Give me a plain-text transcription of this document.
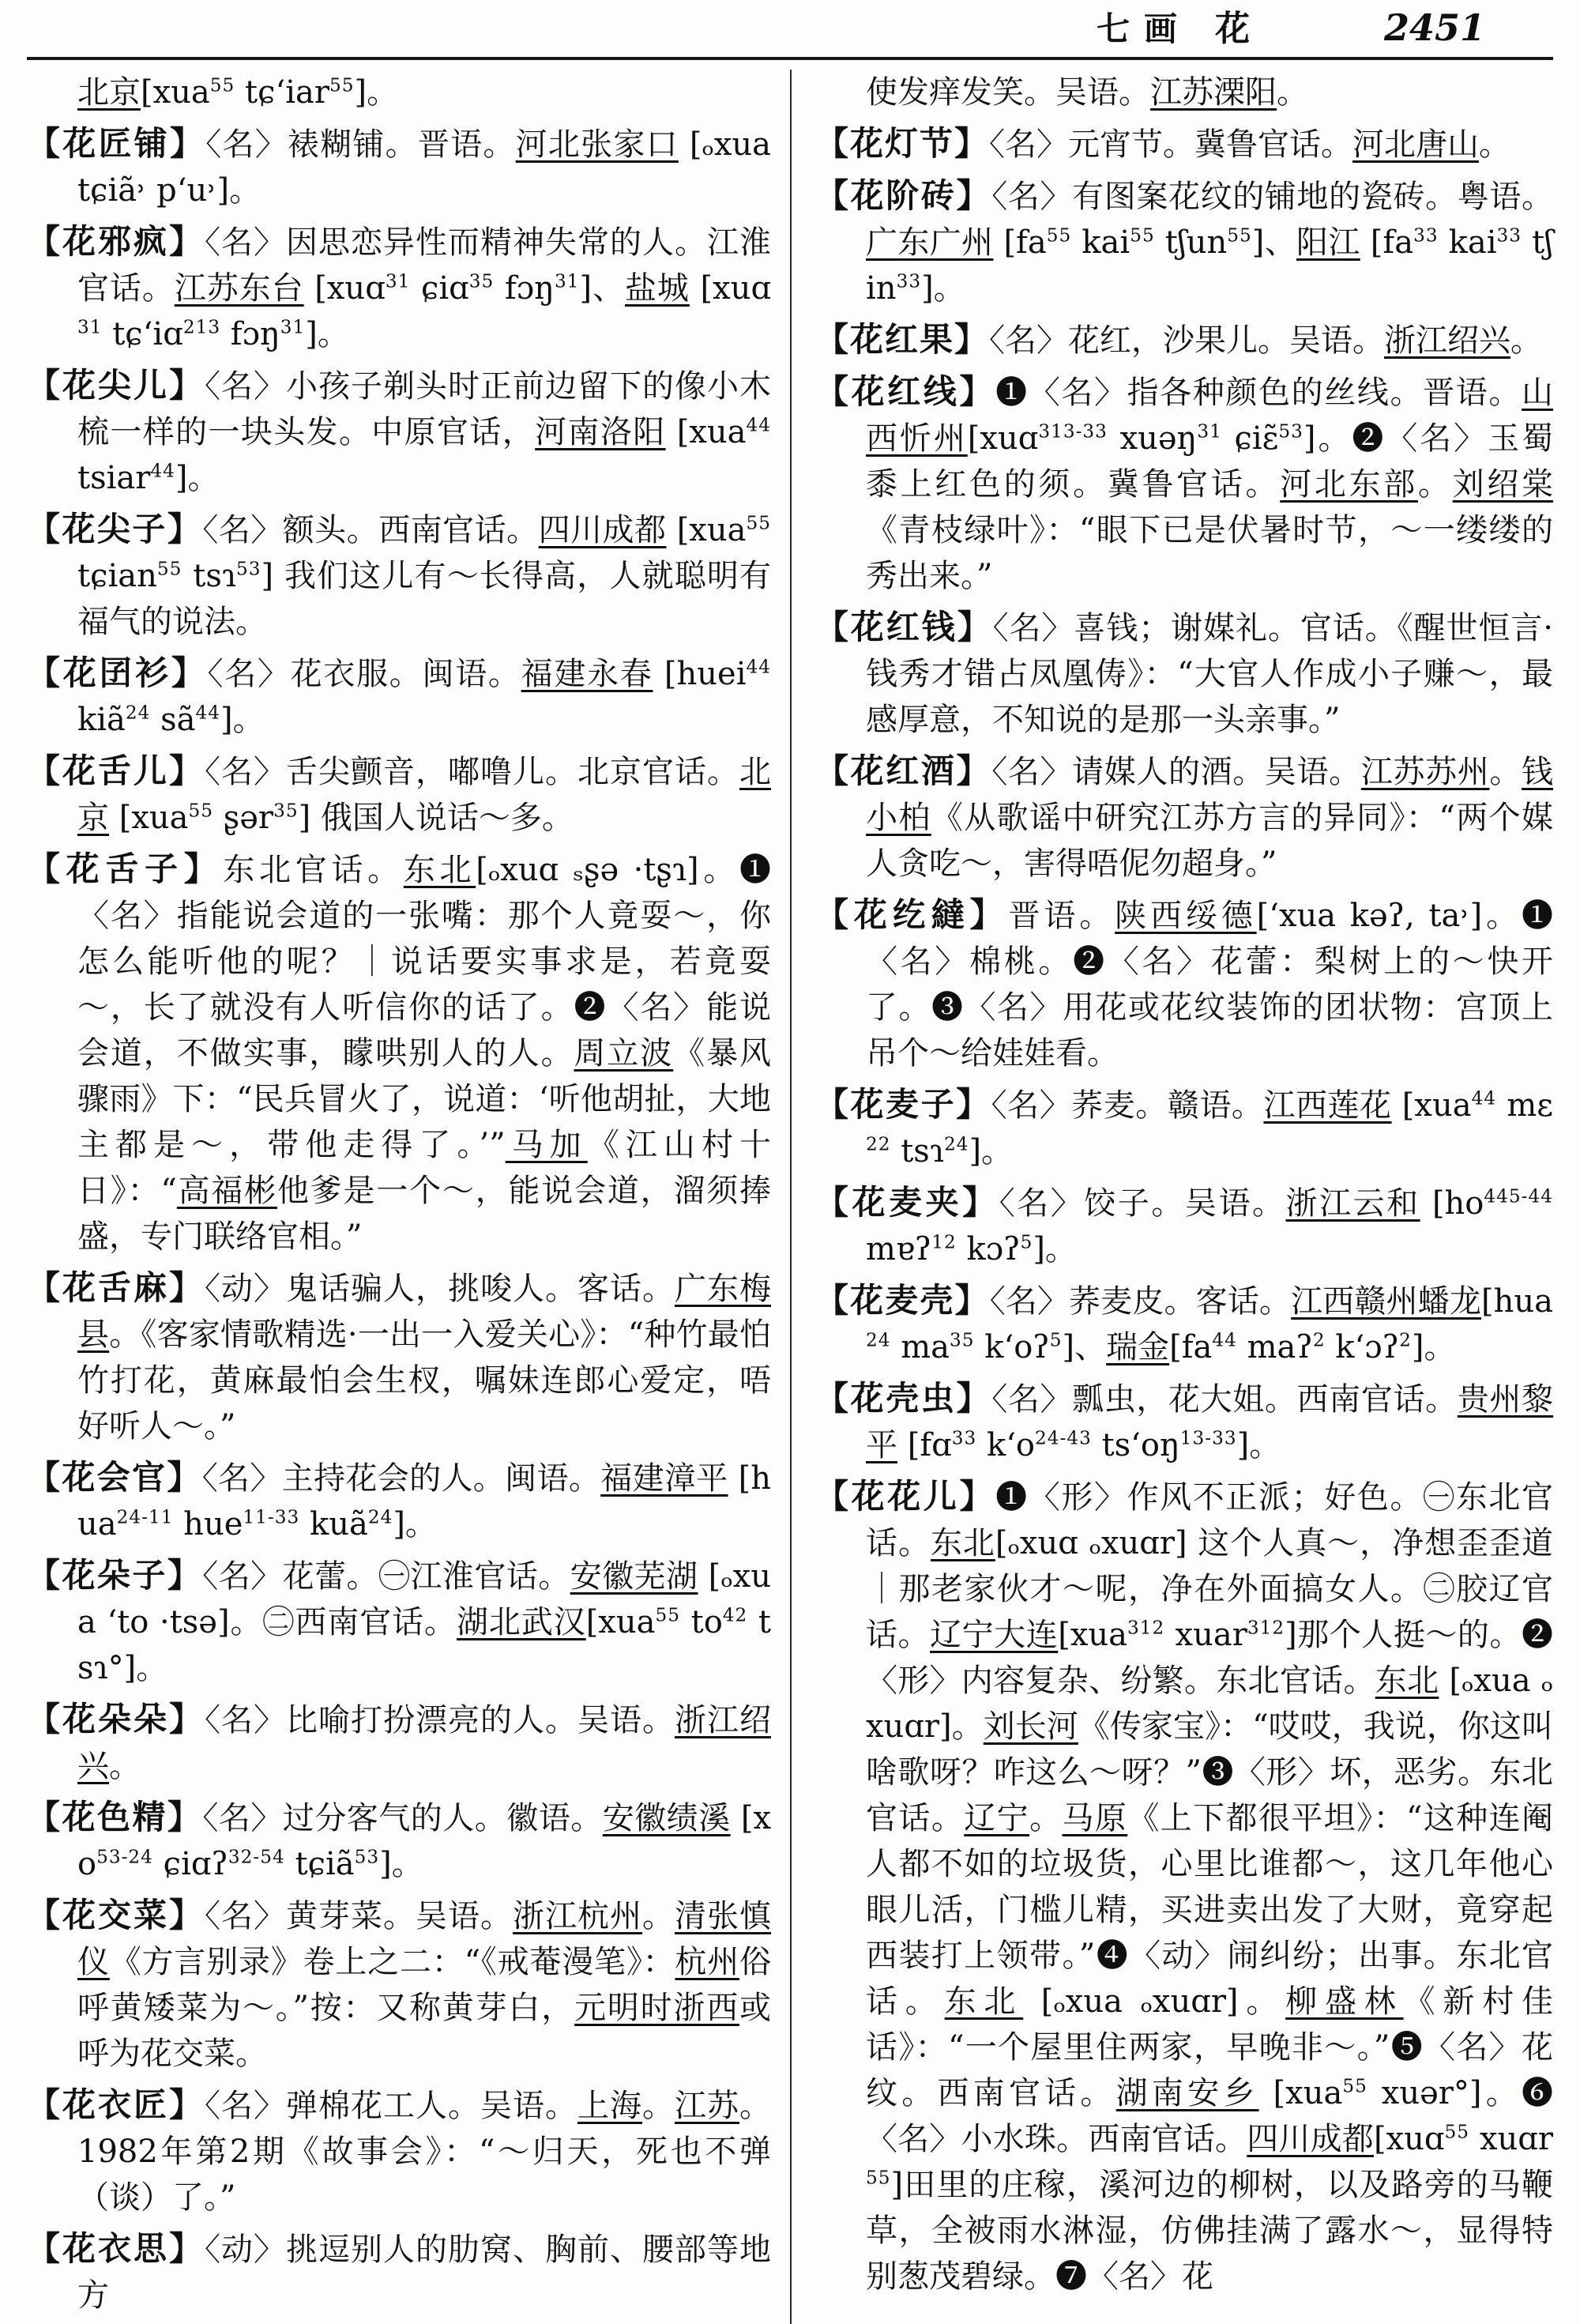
七画 花	2451
北京[xua$^{55}$ tɕʻiar$^{55}$]。
【花匠铺】〈名〉裱糊铺。晋语。河北张家口 [ₒxua tɕiã˒ pʻu˒]。
【花邪疯】〈名〉因思恋异性而精神失常的人。江淮官话。江苏东台 [xuɑ$^{31}$ ɕiɑ$^{35}$ fɔŋ$^{31}$]、盐城 [xuɑ$^{31}$ tɕʻiɑ$^{213}$ fɔŋ$^{31}$]。
【花尖儿】〈名〉小孩子剃头时正前边留下的像小木梳一样的一块头发。中原官话，河南洛阳 [xua$^{44}$ tsiar$^{44}$]。
【花尖子】〈名〉额头。西南官话。四川成都 [xua$^{55}$ tɕian$^{55}$ tsɿ$^{53}$] 我们这儿有～长得高，人就聪明有福气的说法。
【花囝衫】〈名〉花衣服。闽语。福建永春 [huei$^{44}$ kiã$^{24}$ $sã^{44}$]。
【花舌儿】〈名〉舌尖颤音，嘟噜儿。北京官话。北京 [xua$^{55}$ ʂər$^{35}$] 俄国人说话～多。
【花舌子】东北官话。东北[ₒxuɑ ₛʂə ·tʂɿ]。❶〈名〉指能说会道的一张嘴：那个人竟耍～，你怎么能听他的呢？｜说话要实事求是，若竟耍～，长了就没有人听信你的话了。❷〈名〉能说会道，不做实事，矇哄别人的人。周立波《暴风骤雨》下：“民兵冒火了，说道：‘听他胡扯，大地主都是～，带他走得了。’”马加《江山村十日》：“高福彬他爹是一个～，能说会道，溜须捧盛，专门联络官相。”
【花舌麻】〈动〉鬼话骗人，挑唆人。客话。广东梅县。《客家情歌精选·一出一入爱关心》：“种竹最怕竹打花，黄麻最怕会生杈，嘱妹连郎心爱定，唔好听人～。”
【花会官】〈名〉主持花会的人。闽语。福建漳平 [hua$^{24-11}$ hue$^{11-33}$ kuã$^{24}$]。
【花朵子】〈名〉花蕾。㊀江淮官话。安徽芜湖 [ₒxua ʻto ·tsə]。㊁西南官话。湖北武汉[xua$^{55}$ $to^{42}$ tsɿ°]。
【花朵朵】〈名〉比喻打扮漂亮的人。吴语。浙江绍兴。
【花色精】〈名〉过分客气的人。徽语。安徽绩溪 [$xo^{53-24}$ ɕiɑʔ$^{32-54}$ tɕiã$^{53}$]。
【花交菜】〈名〉黄芽菜。吴语。浙江杭州。清张慎仪《方言别录》卷上之二：“《戒菴漫笔》：杭州俗呼黄矮菜为～。”按：又称黄芽白，元明时浙西或呼为花交菜。
【花衣匠】〈名〉弹棉花工人。吴语。上海。江苏。1982年第2期《故事会》：“～归天，死也不弹（谈）了。”
【花衣思】〈动〉挑逗别人的肋窝、胸前、腰部等地方
使发痒发笑。吴语。江苏溧阳。
【花灯节】〈名〉元宵节。冀鲁官话。河北唐山。
【花阶砖】〈名〉有图案花纹的铺地的瓷砖。粤语。广东广州 [$fa^{55}$ kai$^{55}$ tʃun$^{55}$]、阳江 [$fa^{33}$ kai$^{33}$ tʃin$^{33}$]。
【花红果】〈名〉花红，沙果儿。吴语。浙江绍兴。
【花红线】❶〈名〉指各种颜色的丝线。晋语。山西忻州[xuɑ$^{313-33}$ xuəŋ$^{31}$ ɕiɛ̃$^{53}$]。❷〈名〉玉蜀黍上红色的须。冀鲁官话。河北东部。刘绍棠《青枝绿叶》：“眼下已是伏暑时节，～一缕缕的秀出来。”
【花红钱】〈名〉喜钱；谢媒礼。官话。《醒世恒言·钱秀才错占凤凰俦》：“大官人作成小子赚～，最感厚意，不知说的是那一头亲事。”
【花红酒】〈名〉请媒人的酒。吴语。江苏苏州。钱小柏《从歌谣中研究江苏方言的异同》：“两个媒人贪吃～，害得唔伲勿超身。”
【花纥繨】晋语。陕西绥德[ʻxua kəʔ, ta˒]。❶〈名〉棉桃。❷〈名〉花蕾：梨树上的～快开了。❸〈名〉用花或花纹装饰的团状物：宫顶上吊个～给娃娃看。
【花麦子】〈名〉荞麦。赣语。江西莲花 [xua$^{44}$ mɛ$^{22}$ tsɿ$^{24}$]。
【花麦夹】〈名〉饺子。吴语。浙江云和 [$ho^{445-44}$ mɐʔ$^{12}$ kɔʔ$^5$]。
【花麦壳】〈名〉荞麦皮。客话。江西赣州蟠龙[hua$^{24}$ $ma^{35}$ kʻoʔ$^5$]、瑞金[$fa^{44}$ maʔ$^2$ kʻɔʔ$^2$]。
【花壳虫】〈名〉瓢虫，花大姐。西南官话。贵州黎平 [fɑ$^{33}$ kʻo$^{24-43}$ tsʻoŋ$^{13-33}$]。
【花花儿】❶〈形〉作风不正派；好色。㊀东北官话。东北[ₒxuɑ ₒxuɑr] 这个人真～，净想歪歪道｜那老家伙才～呢，净在外面搞女人。㊁胶辽官话。辽宁大连[xua$^{312}$ xuar$^{312}$]那个人挺～的。❷〈形〉内容复杂、纷繁。东北官话。东北 [ₒxua ₒxuɑr]。刘长河《传家宝》：“哎哎，我说，你这叫啥歌呀？咋这么～呀？”❸〈形〉坏，恶劣。东北官话。辽宁。马原《上下都很平坦》：“这种连阉人都不如的垃圾货，心里比谁都～，这几年他心眼儿活，门槛儿精，买进卖出发了大财，竟穿起西装打上领带。”❹〈动〉闹纠纷；出事。东北官话。东北 [ₒxua ₒxuɑr]。柳盛林《新村佳话》：“一个屋里住两家，早晚非～。”❺〈名〉花纹。西南官话。湖南安乡 [xua$^{55}$ xuər°]。❻〈名〉小水珠。西南官话。四川成都[xuɑ$^{55}$ xuɑr$^{55}$]田里的庄稼，溪河边的柳树，以及路旁的马鞭草，全被雨水淋湿，仿佛挂满了露水～，显得特别葱茂碧绿。❼〈名〉花
